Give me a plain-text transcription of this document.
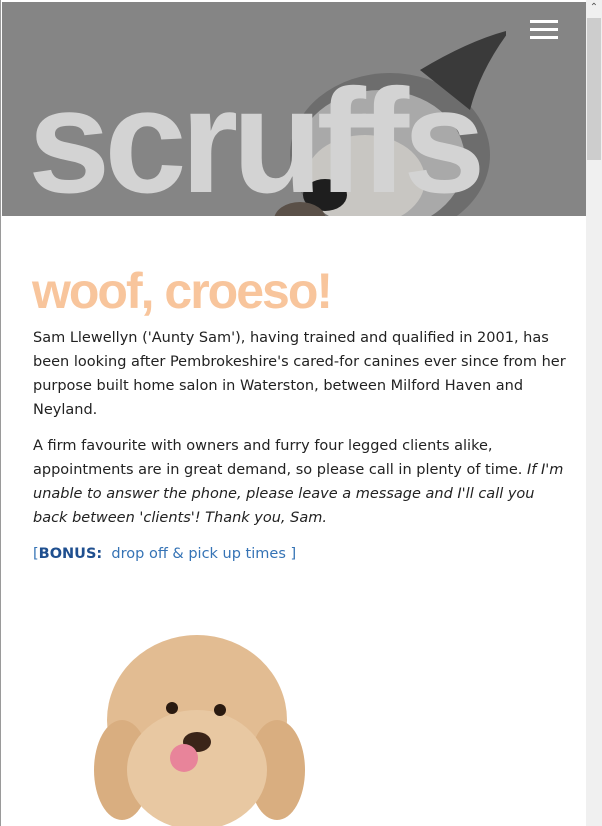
scruffs
woof, croeso!

Sam Llewellyn ('Aunty Sam'), having trained and qualified in 2001, has been looking after Pembrokeshire's cared-for canines ever since from her purpose built home salon in Waterston, between Milford Haven and Neyland.

A firm favourite with owners and furry four legged clients alike, appointments are in great demand, so please call in plenty of time. If I'm unable to answer the phone, please leave a message and I'll call you back between 'clients'! Thank you, Sam.

[BONUS: drop off & pick up times ]

⌃
